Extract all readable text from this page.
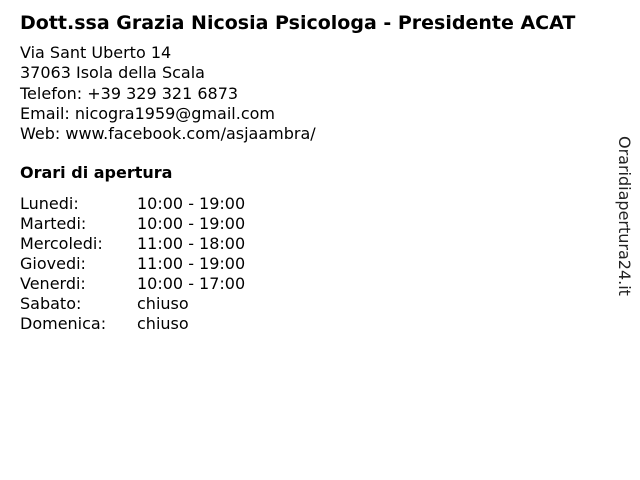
Dott.ssa Grazia Nicosia Psicologa - Presidente ACAT
Via Sant Uberto 14
37063 Isola della Scala
Telefon: +39 329 321 6873
Email: nicogra1959@gmail.com
Web: www.facebook.com/asjaambra/
Orari di apertura
Lunedi:	10:00 - 19:00
Martedi:	10:00 - 19:00
Mercoledi: 11:00 - 18:00
Giovedi:	11:00 - 19:00
Venerdi:	10:00 - 17:00
Sabato:	chiuso
Domenica: chiuso
Oraridiapertura24.it
